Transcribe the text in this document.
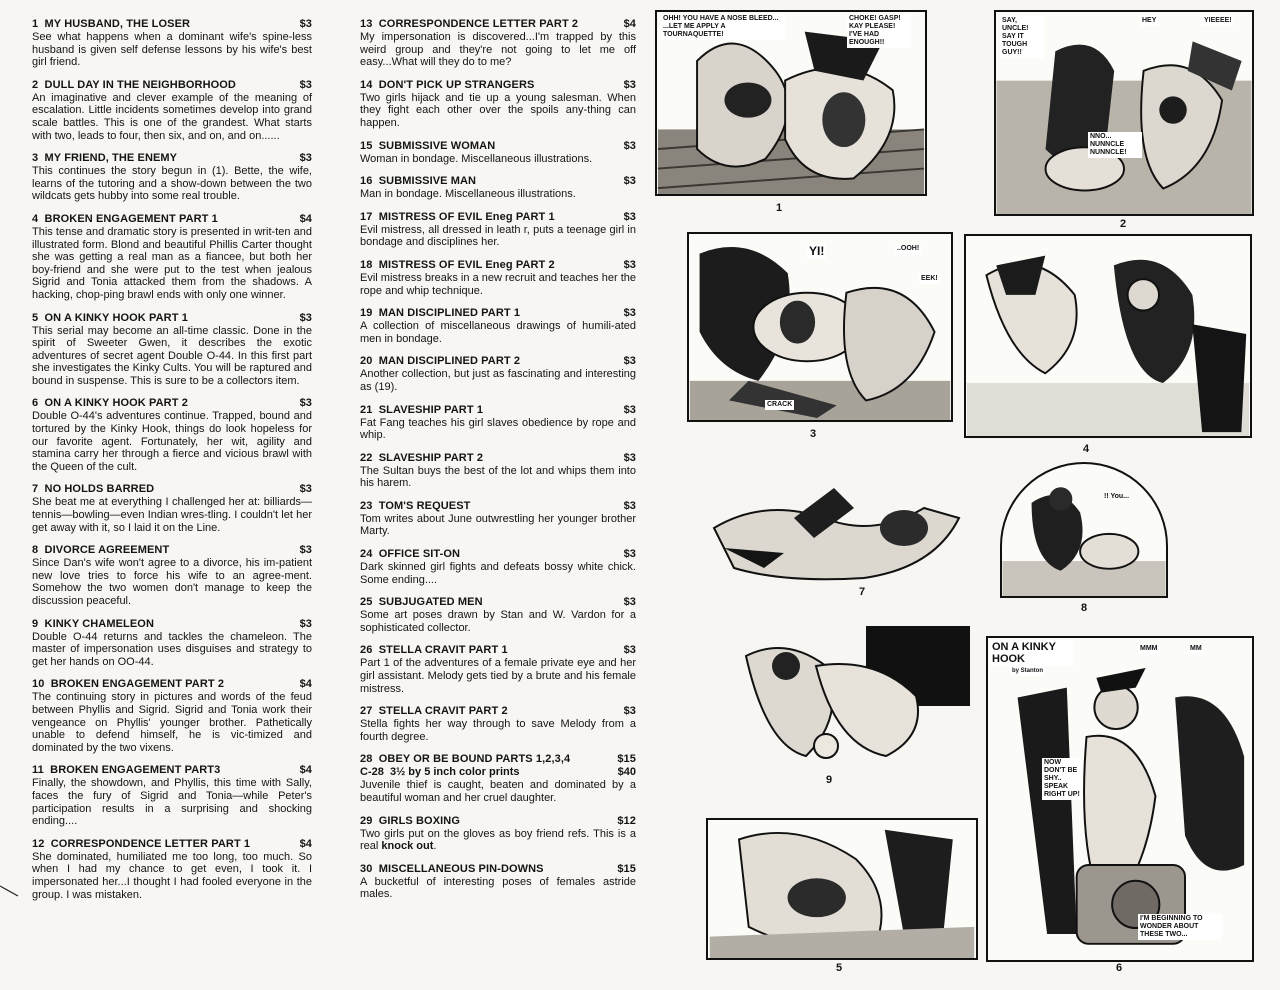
1 MY HUSBAND, THE LOSER	$3

See what happens when a dominant wife's spine-less husband is given self defense lessons by his wife's best girl friend.

2 DULL DAY IN THE NEIGHBORHOOD	$3

An imaginative and clever example of the meaning of escalation. Little incidents sometimes develop into grand scale battles. This is one of the grandest. What starts with two, leads to four, then six, and on, and on......

3 MY FRIEND, THE ENEMY	$3

This continues the story begun in (1). Bette, the wife, learns of the tutoring and a show-down between the two wildcats gets hubby into some real trouble.

4 BROKEN ENGAGEMENT PART 1	$4

This tense and dramatic story is presented in writ-ten and illustrated form. Blond and beautiful Phillis Carter thought she was getting a real man as a fiancee, but both her boy-friend and she were put to the test when jealous Sigrid and Tonia attacked them from the shadows. A hacking, chop-ping brawl ends with only one winner.

5 ON A KINKY HOOK PART 1	$3

This serial may become an all-time classic. Done in the spirit of Sweeter Gwen, it describes the exotic adventures of secret agent Double O-44. In this first part she investigates the Kinky Cults. You will be raptured and bound in suspense. This is sure to be a collectors item.

6 ON A KINKY HOOK PART 2	$3

Double O-44's adventures continue. Trapped, bound and tortured by the Kinky Hook, things do look hopeless for our favorite agent. Fortunately, her wit, agility and stamina carry her through a fierce and vicious brawl with the Queen of the cult.

7 NO HOLDS BARRED	$3

She beat me at everything I challenged her at: billiards—tennis—bowling—even Indian wres-tling. I couldn't let her get away with it, so I laid it on the Line.

8 DIVORCE AGREEMENT	$3

Since Dan's wife won't agree to a divorce, his im-patient new love tries to force his wife to an agree-ment. Somehow the two women don't manage to keep the discussion peaceful.

9 KINKY CHAMELEON	$3

Double O-44 returns and tackles the chameleon. The master of impersonation uses disguises and strategy to get her hands on OO-44.

10 BROKEN ENGAGEMENT PART 2	$4

The continuing story in pictures and words of the feud between Phyllis and Sigrid. Sigrid and Tonia work their vengeance on Phyllis' younger brother. Pathetically unable to defend himself, he is vic-timized and dominated by the two vixens.

11 BROKEN ENGAGEMENT PART3	$4

Finally, the showdown, and Phyllis, this time with Sally, faces the fury of Sigrid and Tonia—while Peter's participation results in a surprising and shocking ending....

12 CORRESPONDENCE LETTER PART 1	$4

She dominated, humiliated me too long, too much. So when I had my chance to get even, I took it. I impersonated her...I thought I had fooled everyone in the group. I was mistaken.

13 CORRESPONDENCE LETTER PART 2	$4

My impersonation is discovered...I'm trapped by this weird group and they're not going to let me off easy...What will they do to me?

14 DON'T PICK UP STRANGERS	$3

Two girls hijack and tie up a young salesman. When they fight each other over the spoils any-thing can happen.

15 SUBMISSIVE WOMAN	$3

Woman in bondage. Miscellaneous illustrations.

16 SUBMISSIVE MAN	$3

Man in bondage. Miscellaneous illustrations.

17 MISTRESS OF EVIL Eneg PART 1	$3

Evil mistress, all dressed in leath r, puts a teenage girl in bondage and disciplines her.

18 MISTRESS OF EVIL Eneg PART 2	$3

Evil mistress breaks in a new recruit and teaches her the rope and whip technique.

19 MAN DISCIPLINED PART 1	$3

A collection of miscellaneous drawings of humili-ated men in bondage.

20 MAN DISCIPLINED PART 2	$3

Another collection, but just as fascinating and interesting as (19).

21 SLAVESHIP PART 1	$3

Fat Fang teaches his girl slaves obedience by rope and whip.

22 SLAVESHIP PART 2	$3

The Sultan buys the best of the lot and whips them into his harem.

23 TOM'S REQUEST	$3

Tom writes about June outwrestling her younger brother Marty.

24 OFFICE SIT-ON	$3

Dark skinned girl fights and defeats bossy white chick. Some ending....

25 SUBJUGATED MEN	$3

Some art poses drawn by Stan and W. Vardon for a sophisticated collector.

26 STELLA CRAVIT PART 1	$3

Part 1 of the adventures of a female private eye and her girl assistant. Melody gets tied by a brute and his female mistress.

27 STELLA CRAVIT PART 2	$3

Stella fights her way through to save Melody from a fourth degree.

28 OBEY OR BE BOUND PARTS 1,2,3,4	$15
C-28  3½ by 5 inch color prints	$40

Juvenile thief is caught, beaten and dominated by a beautiful woman and her cruel daughter.

29 GIRLS BOXING	$12

Two girls put on the gloves as boy friend refs. This is a real knock out.

30 MISCELLANEOUS PIN-DOWNS	$15

A bucketful of interesting poses of females astride males.

OHH! YOU HAVE A NOSE BLEED... ...LET ME APPLY A TOURNAQUETTE!
CHOKE! GASP! KAY PLEASE! I'VE HAD ENOUGH!!
1
SAY, UNCLE! SAY IT TOUGH GUY!!
HEY	YIEEEE!
NNO... NUNNCLE NUNNCLE!
2
YI!	..OOH!
EEK!
CRACK
3
4
7
!! You...
8
9
5
ON A KINKY HOOK
by Stanton
MMM	MM
NOW DON'T BE SHY.. SPEAK RIGHT UP!
I'M BEGINNING TO WONDER ABOUT THESE TWO...
6
